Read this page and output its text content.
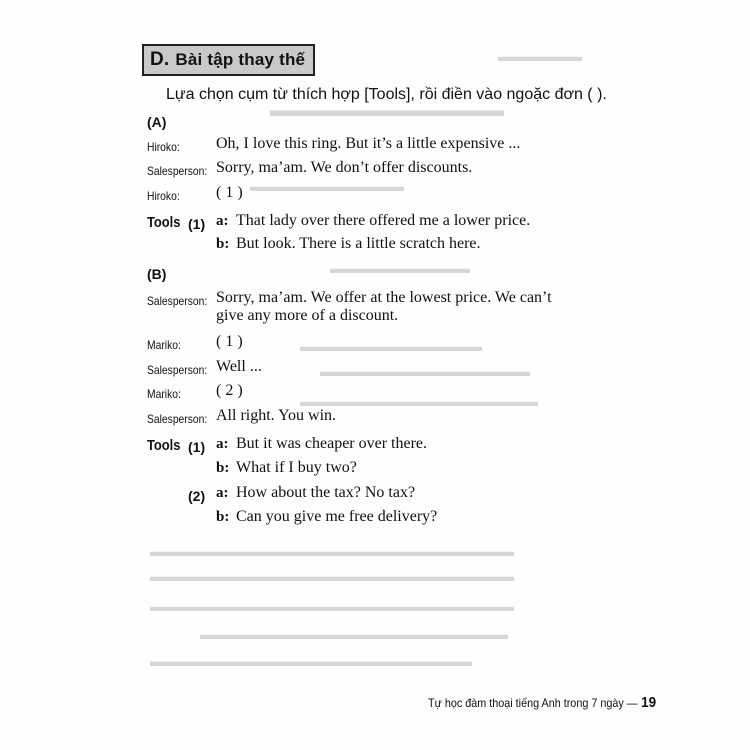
▬▬▬▬▬▬
▬▬▬▬▬▬▬▬▬▬▬▬▬
▬▬▬▬▬▬▬▬▬▬▬
▬▬▬▬▬▬▬▬▬▬
▬▬▬▬▬▬▬▬▬▬▬▬▬
▬▬▬▬▬▬▬▬▬▬▬▬▬▬▬
▬▬▬▬▬▬▬▬▬▬▬▬▬▬▬▬▬
▬▬▬▬▬▬▬▬▬▬▬▬▬▬▬▬▬▬▬▬▬▬▬▬▬▬
▬▬▬▬▬▬▬▬▬▬▬▬▬▬▬▬▬▬▬▬▬▬▬▬▬▬
▬▬▬▬▬▬▬▬▬▬▬▬▬▬▬▬▬▬▬▬▬▬▬▬▬▬
▬▬▬▬▬▬▬▬▬▬▬▬▬▬▬▬▬▬▬▬▬▬
▬▬▬▬▬▬▬▬▬▬▬▬▬▬▬▬▬▬▬▬▬▬▬
D. Bài tập thay thế
Lựa chọn cụm từ thích hợp [Tools], rồi điền vào ngoặc đơn ( ).
(A)
Hiroko: Oh, I love this ring. But it’s a little expensive ...
Salesperson: Sorry, ma’am. We don’t offer discounts.
Hiroko: ( 1 )
Tools (1) a: That lady over there offered me a lower price.
b: But look. There is a little scratch here.
(B)
Salesperson: Sorry, ma’am. We offer at the lowest price. We can’t
give any more of a discount.
Mariko: ( 1 )
Salesperson: Well ...
Mariko: ( 2 )
Salesperson: All right. You win.
Tools (1) a: But it was cheaper over there.
b: What if I buy two?
(2) a: How about the tax? No tax?
b: Can you give me free delivery?
Tự học đàm thoại tiếng Anh trong 7 ngày — 19
